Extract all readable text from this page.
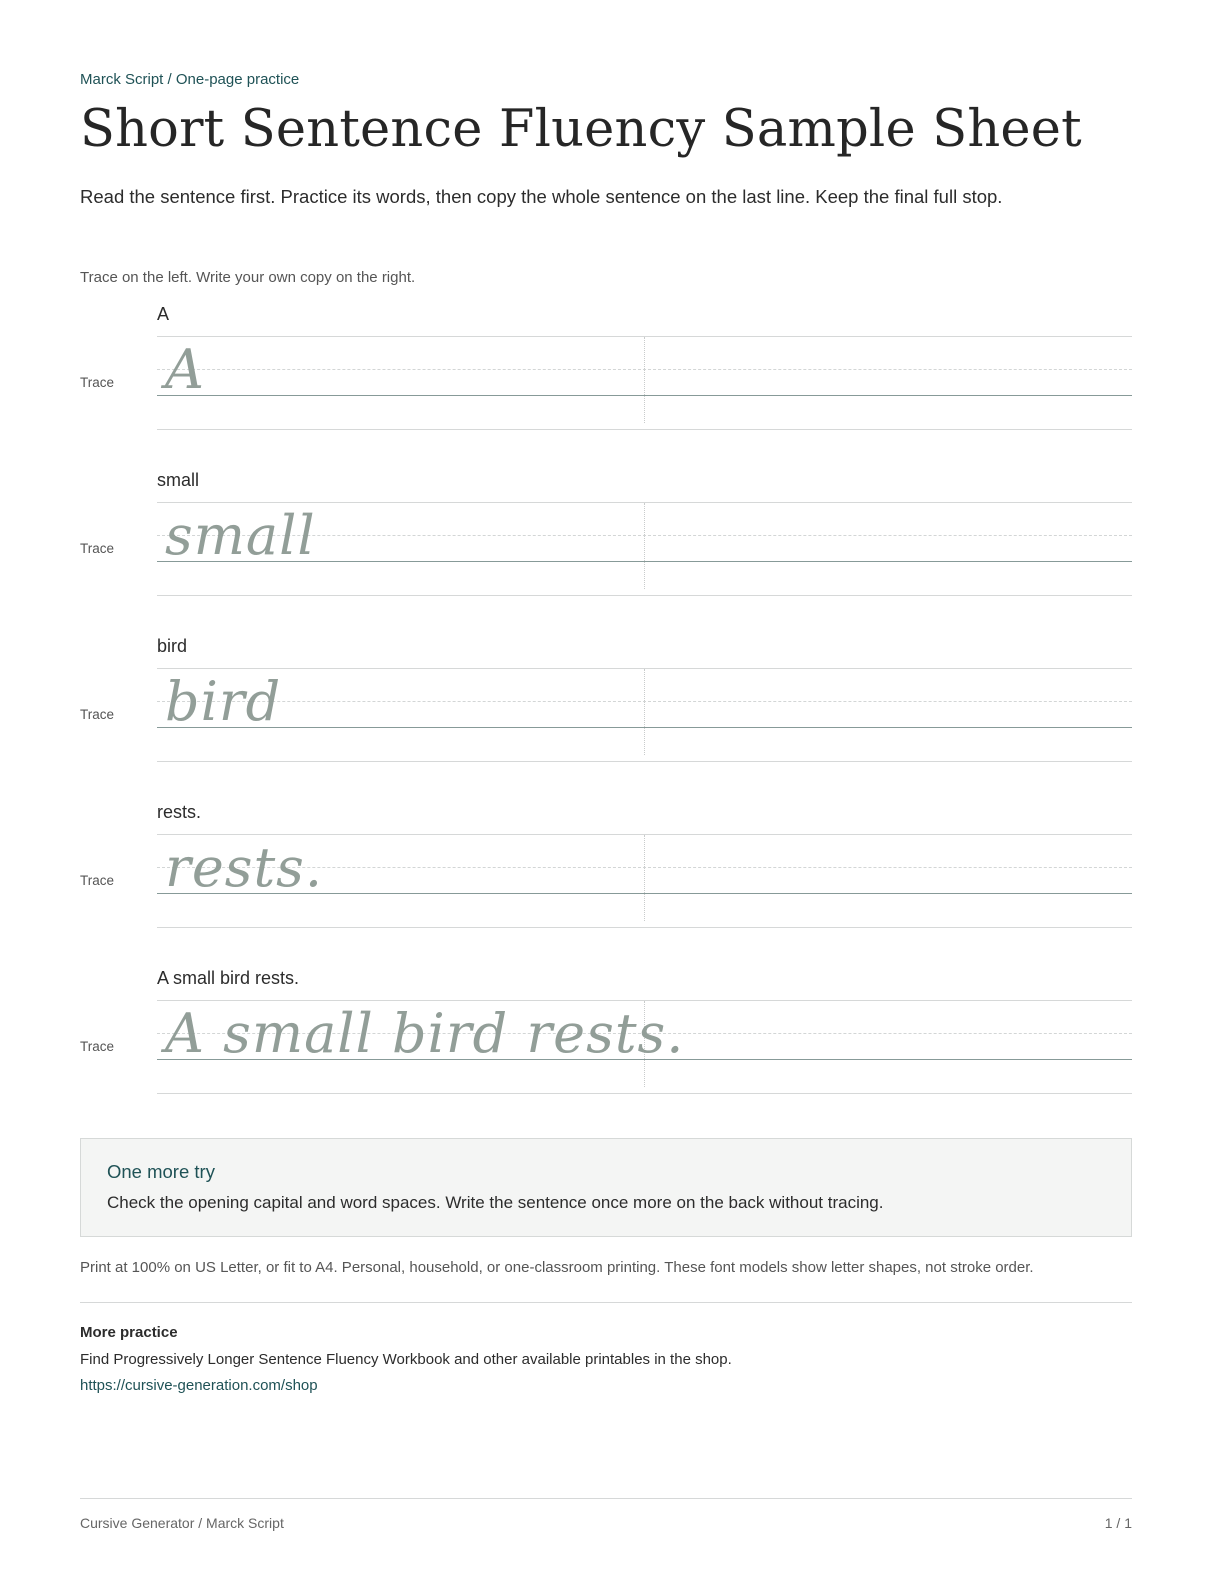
Marck Script / One-page practice
Short Sentence Fluency Sample Sheet
Read the sentence first. Practice its words, then copy the whole sentence on the last line. Keep the final full stop.
Trace on the left. Write your own copy on the right.
A
Trace A
small
Trace small
bird
Trace bird
rests.
Trace rests.
A small bird rests.
Trace A small bird rests.
One more try
Check the opening capital and word spaces. Write the sentence once more on the back without tracing.
Print at 100% on US Letter, or fit to A4. Personal, household, or one-classroom printing. These font models show letter shapes, not stroke order.
More practice
Find Progressively Longer Sentence Fluency Workbook and other available printables in the shop.
https://cursive-generation.com/shop
Cursive Generator / Marck Script	1 / 1
